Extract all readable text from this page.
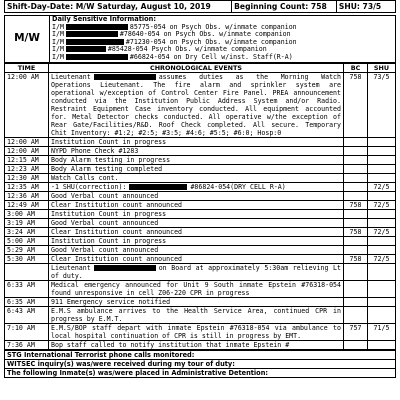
Shift-Day-Date: M/W Saturday, August 10, 2019	Beginning Count: 758	SHU: 73/5
M/W	
Daily Sensitive Information:
I/M	85775-054 on Psych Obs. w/inmate companion
I/M	#78640-054 on Psych Obs. w/inmate companion
I/M	#71230-054 on Psych Obs. w/inmate companion
I/M	#85428-054 Psych Obs. w/inmate companion
I/M	#66824-054 on Dry Cell w/inst. Staff(R-A)
TIME	CHRONOLOGICAL EVENTS	BC	SHU
12:00 AM	Lieutenant assumes duties as the Morning Watch Operations Lieutenant. The fire alarm and sprinkler system are operational w/exception of Control Center Fire Panel. PREA announcement conducted via the Institution Public Address System and/or Radio. Restraint Equipment Case inventory conducted. All equipment accounted for. Metal Detector checks conducted. All operative w/the exception of Rear Gate/Facilities/R&D. Roof Check completed. All secure. Temporary Chit Inventory: #1:2; #2:5; #3:5; #4:6; #5:5; #6:0; Hosp:0	758	73/5
12:00 AM	Institution Count in progress		
12:00 AM	NYPD Phone Check #1283		
12:15 AM	Body Alarm testing in progress		
12:23 AM	Body Alarm testing completed		
12:30 AM	Watch Calls cont.		
12:35 AM	-1 SHU(correction): #86824-054(DRY CELL R-A)		72/5
12:36 AM	Good Verbal count announced		
12:49 AM	Clear Institution count announced	758	72/5
3:00 AM	Institution Count in progress		
3:19 AM	Good Verbal count announced		
3:24 AM	Clear Institution count announced	758	72/5
5:00 AM	Institution Count in progress		
5:29 AM	Good Verbal count announced		
5:30 AM	Clear Institution count announced	758	72/5
	Lieutenant on Board at approximately 5:30am relieving Lt of duty.		
6:33 AM	Medical emergency announced for Unit 9 South inmate Epstein #76318-054 found unresponsive in cell Z06-220 CPR in progress		
6:35 AM	911 Emergency service notified		
6:43 AM	E.M.S ambulance arrives to the Health Service Area, continued CPR in progress by E.M.T.		
7:10 AM	E.M.S/BOP staff depart with inmate Epstein #76318-054 via ambulance to local hospital continuation of CPR is still in progress by EMT.	757	71/5
7:36 AM	Bop staff called to notify institution that inmate Epstein #		
STG International Terrorist phone calls monitored:
WITSEC inquiry(s) was/were received during my tour of duty:
The following Inmate(s) was/were placed in Administrative Detention:
